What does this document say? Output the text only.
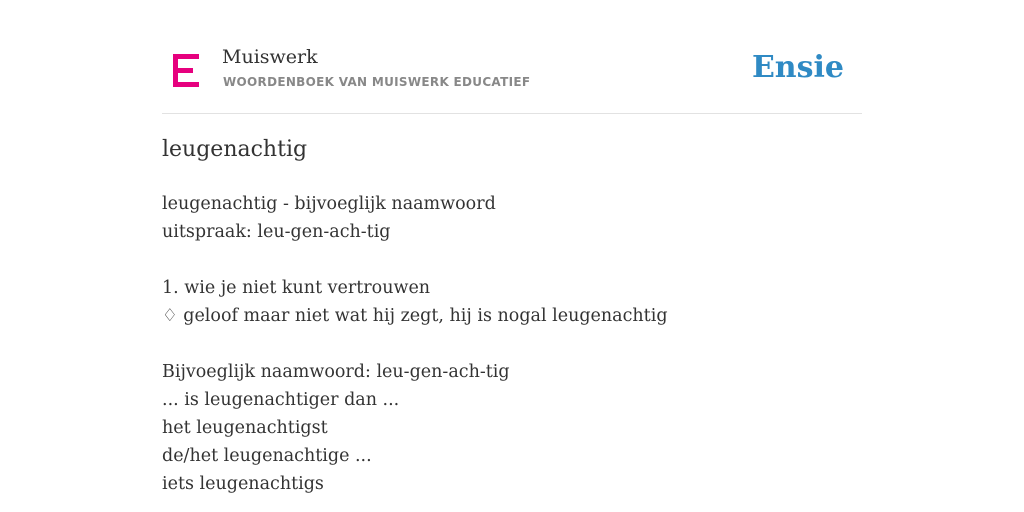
Muiswerk
WOORDENBOEK VAN MUISWERK EDUCATIEF	Ensie
leugenachtig
leugenachtig - bijvoeglijk naamwoord
uitspraak: leu-gen-ach-tig
1. wie je niet kunt vertrouwen
♢ geloof maar niet wat hij zegt, hij is nogal leugenachtig
Bijvoeglijk naamwoord: leu-gen-ach-tig
... is leugenachtiger dan ...
het leugenachtigst
de/het leugenachtige ...
iets leugenachtigs
